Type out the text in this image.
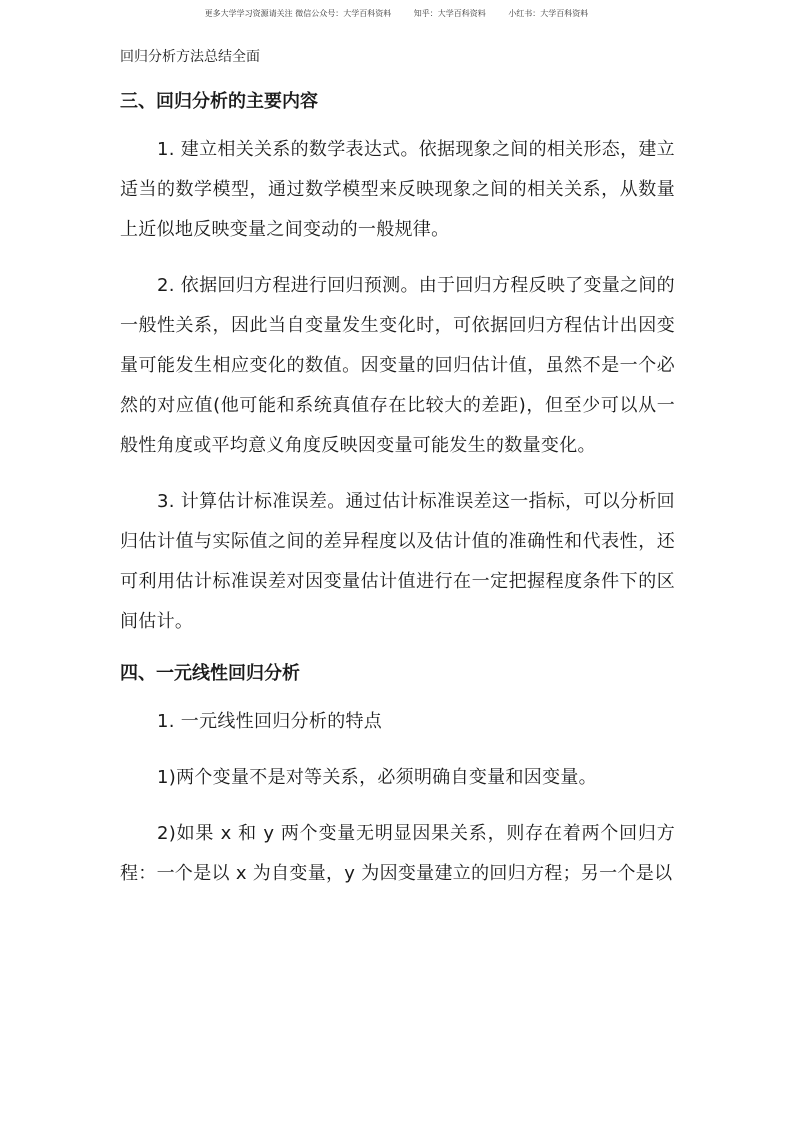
更多大学学习资源请关注 微信公众号：大学百科资料	知乎：大学百科资料	小红书：大学百科资料
回归分析方法总结全面
三、回归分析的主要内容

1. 建立相关关系的数学表达式。依据现象之间的相关形态，建立适当的数学模型，通过数学模型来反映现象之间的相关关系，从数量上近似地反映变量之间变动的一般规律。

2. 依据回归方程进行回归预测。由于回归方程反映了变量之间的一般性关系，因此当自变量发生变化时，可依据回归方程估计出因变量可能发生相应变化的数值。因变量的回归估计值，虽然不是一个必然的对应值(他可能和系统真值存在比较大的差距)，但至少可以从一般性角度或平均意义角度反映因变量可能发生的数量变化。

3. 计算估计标准误差。通过估计标准误差这一指标，可以分析回归估计值与实际值之间的差异程度以及估计值的准确性和代表性，还可利用估计标准误差对因变量估计值进行在一定把握程度条件下的区间估计。

四、一元线性回归分析

1. 一元线性回归分析的特点

1)两个变量不是对等关系，必须明确自变量和因变量。

2)如果 x 和 y 两个变量无明显因果关系，则存在着两个回归方程：一个是以 x 为自变量，y 为因变量建立的回归方程；另一个是以
